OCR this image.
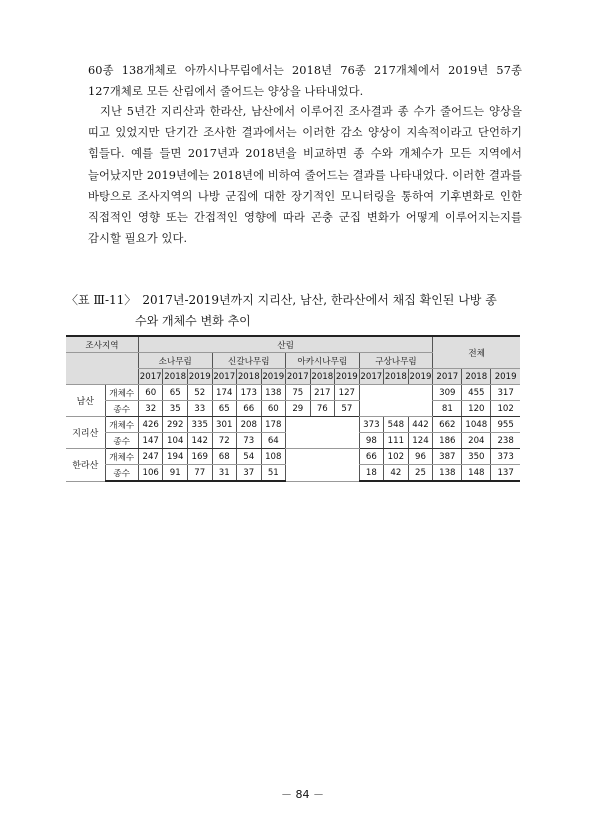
60종 138개체로 아까시나무림에서는 2018년 76종 217개체에서 2019년 57종 127개체로 모든 산림에서 줄어드는 양상을 나타내었다.
지난 5년간 지리산과 한라산, 남산에서 이루어진 조사결과 종 수가 줄어드는 양상을 띠고 있었지만 단기간 조사한 결과에서는 이러한 감소 양상이 지속적이라고 단언하기 힘들다. 예를 들면 2017년과 2018년을 비교하면 종 수와 개체수가 모든 지역에서 늘어났지만 2019년에는 2018년에 비하여 줄어드는 결과를 나타내었다. 이러한 결과를 바탕으로 조사지역의 나방 군집에 대한 장기적인 모니터링을 통하여 기후변화로 인한 직접적인 영향 또는 간접적인 영향에 따라 곤충 군집 변화가 어떻게 이루어지는지를 감시할 필요가 있다.
〈표 Ⅲ-11〉 2017년-2019년까지 지리산, 남산, 한라산에서 채집 확인된 나방 종
수와 개체수 변화 추이
조사지역		산림												전체		
		소나무림			신갈나무림			아카시나무림			구상나무림					
		2017	2018	2019	2017	2018	2019	2017	2018	2019	2017	2018	2019	2017	2018	2019
남산	개체수	60	65	52	174	173	138	75	217	127				309	455	317
	종수	32	35	33	65	66	60	29	76	57				81	120	102
지리산	개체수	426	292	335	301	208	178				373	548	442	662	1048	955
	종수	147	104	142	72	73	64				98	111	124	186	204	238
한라산	개체수	247	194	169	68	54	108				66	102	96	387	350	373
	종수	106	91	77	31	37	51				18	42	25	138	148	137
－ 84 －
